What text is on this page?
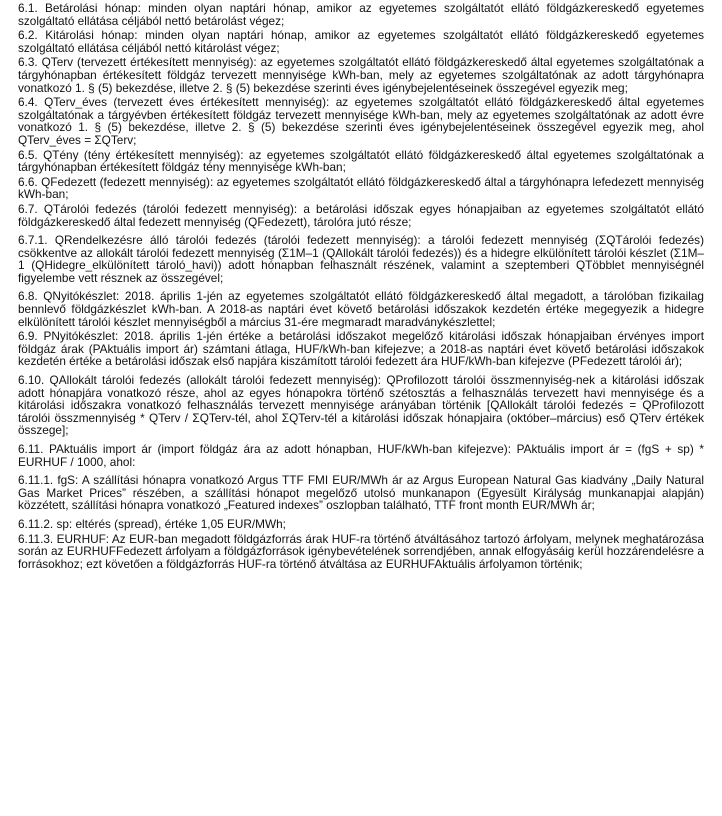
6.1. Betárolási hónap: minden olyan naptári hónap, amikor az egyetemes szolgáltatót ellátó földgázkereskedő egyetemes szolgáltató ellátása céljából nettó betárolást végez;

6.2. Kitárolási hónap: minden olyan naptári hónap, amikor az egyetemes szolgáltatót ellátó földgázkereskedő egyetemes szolgáltató ellátása céljából nettó kitárolást végez;

6.3. QTerv (tervezett értékesített mennyiség): az egyetemes szolgáltatót ellátó földgázkereskedő által egyetemes szolgáltatónak a tárgyhónapban értékesített földgáz tervezett mennyisége kWh-ban, mely az egyetemes szolgáltatónak az adott tárgyhónapra vonatkozó 1. § (5) bekezdése, illetve 2. § (5) bekezdése szerinti éves igénybejelentéseinek összegével egyezik meg;

6.4. QTerv_éves (tervezett éves értékesített mennyiség): az egyetemes szolgáltatót ellátó földgázkereskedő által egyetemes szolgáltatónak a tárgyévben értékesített földgáz tervezett mennyisége kWh-ban, mely az egyetemes szolgáltatónak az adott évre vonatkozó 1. § (5) bekezdése, illetve 2. § (5) bekezdése szerinti éves igénybejelentéseinek összegével egyezik meg, ahol QTerv_éves = ΣQTerv;

6.5. QTény (tény értékesített mennyiség): az egyetemes szolgáltatót ellátó földgázkereskedő által egyetemes szolgáltatónak a tárgyhónapban értékesített földgáz tény mennyisége kWh-ban;

6.6. QFedezett (fedezett mennyiség): az egyetemes szolgáltatót ellátó földgázkereskedő által a tárgyhónapra lefedezett mennyiség kWh-ban;

6.7. QTárolói fedezés (tárolói fedezett mennyiség): a betárolási időszak egyes hónapjaiban az egyetemes szolgáltatót ellátó földgázkereskedő által fedezett mennyiség (QFedezett), tárolóra jutó része;

6.7.1. QRendelkezésre álló tárolói fedezés (tárolói fedezett mennyiség): a tárolói fedezett mennyiség (ΣQTárolói fedezés) csökkentve az allokált tárolói fedezett mennyiség (Σ1M–1 (QAllokált tárolói fedezés)) és a hidegre elkülönített tárolói készlet (Σ1M–1 (QHidegre_elkülönített tároló_havi)) adott hónapban felhasznált részének, valamint a szeptemberi QTöbblet mennyiségnél figyelembe vett résznek az összegével;

6.8. QNyitókészlet: 2018. április 1-jén az egyetemes szolgáltatót ellátó földgázkereskedő által megadott, a tárolóban fizikailag bennlevő földgázkészlet kWh-ban. A 2018-as naptári évet követő betárolási időszakok kezdetén értéke megegyezik a hidegre elkülönített tárolói készlet mennyiségből a március 31-ére megmaradt maradványkészlettel;

6.9. PNyitókészlet: 2018. április 1-jén értéke a betárolási időszakot megelőző kitárolási időszak hónapjaiban érvényes import földgáz árak (PAktuális import ár) számtani átlaga, HUF/kWh-ban kifejezve; a 2018-as naptári évet követő betárolási időszakok kezdetén értéke a betárolási időszak első napjára kiszámított tárolói fedezett ára HUF/kWh-ban kifejezve (PFedezett tárolói ár);

6.10. QAllokált tárolói fedezés (allokált tárolói fedezett mennyiség): QProfilozott tárolói összmennyiség-nek a kitárolási időszak adott hónapjára vonatkozó része, ahol az egyes hónapokra történő szétosztás a felhasználás tervezett havi mennyisége és a kitárolási időszakra vonatkozó felhasználás tervezett mennyisége arányában történik [QAllokált tárolói fedezés = QProfilozott tárolói összmennyiség * QTerv / ΣQTerv-tél, ahol ΣQTerv-tél a kitárolási időszak hónapjaira (október–március) eső QTerv értékek összege];

6.11. PAktuális import ár (import földgáz ára az adott hónapban, HUF/kWh-ban kifejezve): PAktuális import ár = (fgS + sp) * EURHUF / 1000, ahol:

6.11.1. fgS: A szállítási hónapra vonatkozó Argus TTF FMI EUR/MWh ár az Argus European Natural Gas kiadvány „Daily Natural Gas Market Prices” részében, a szállítási hónapot megelőző utolsó munkanapon (Egyesült Királyság munkanapjai alapján) közzétett, szállítási hónapra vonatkozó „Featured indexes” oszlopban található, TTF front month EUR/MWh ár;

6.11.2. sp: eltérés (spread), értéke 1,05 EUR/MWh;

6.11.3. EURHUF: Az EUR-ban megadott földgázforrás árak HUF-ra történő átváltásához tartozó árfolyam, melynek meghatározása során az EURHUFFedezett árfolyam a földgázforrások igénybevételének sorrendjében, annak elfogyásáig kerül hozzárendelésre a forrásokhoz; ezt követően a földgázforrás HUF-ra történő átváltása az EURHUFAktuális árfolyamon történik;
